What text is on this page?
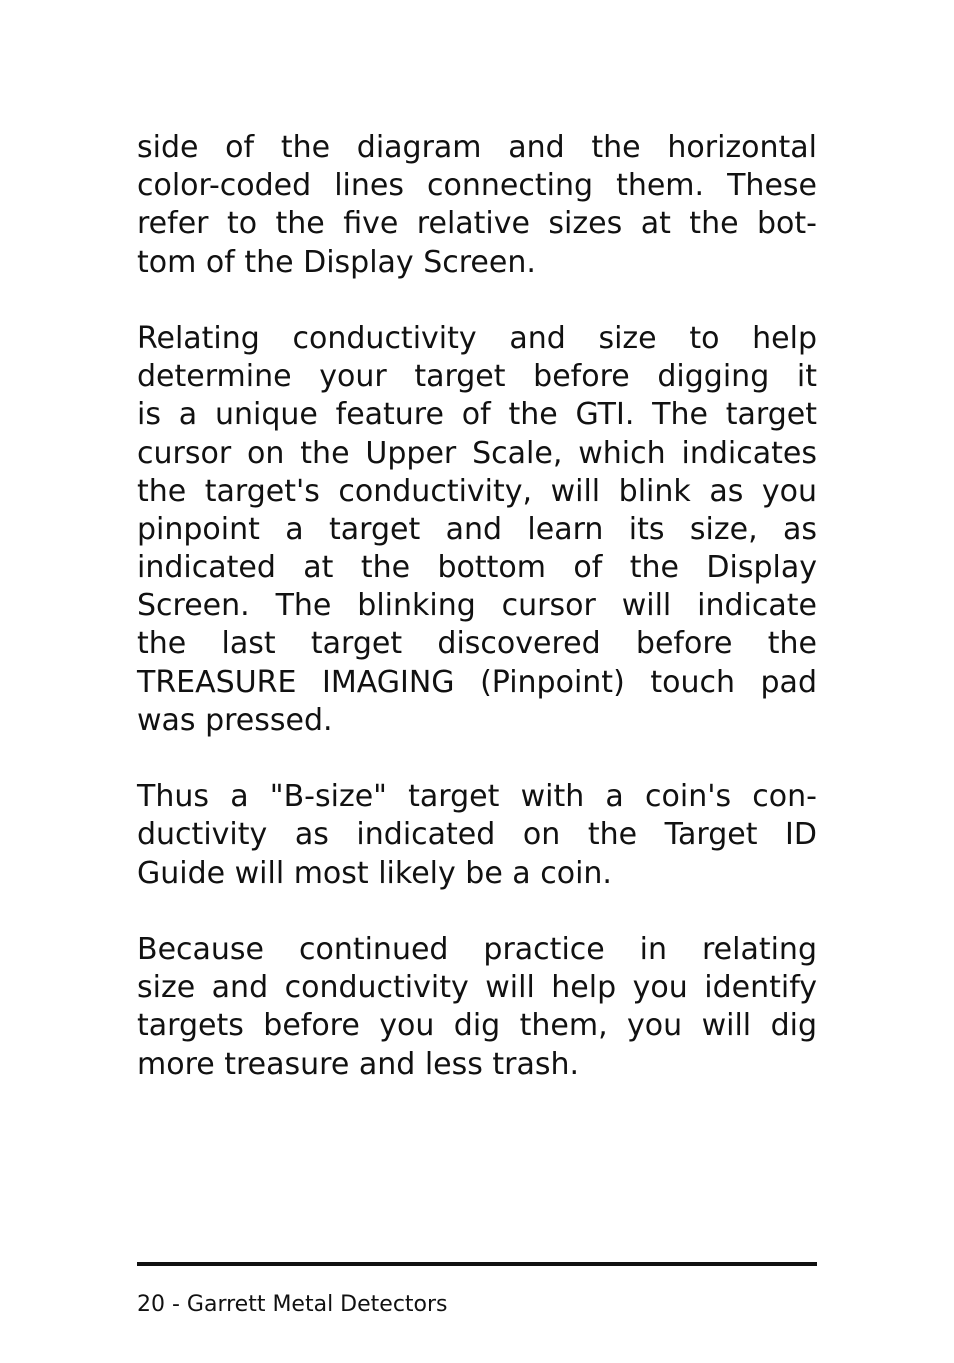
side of the diagram and the horizontal
color-coded lines connecting them. These
refer to the five relative sizes at the bot-
tom of the Display Screen.
Relating conductivity and size to help
determine your target before digging it
is a unique feature of the GTI. The target
cursor on the Upper Scale, which indicates
the target's conductivity, will blink as you
pinpoint a target and learn its size, as
indicated at the bottom of the Display
Screen. The blinking cursor will indicate
the last target discovered before the
TREASURE IMAGING (Pinpoint) touch pad
was pressed.
Thus a "B-size" target with a coin's con-
ductivity as indicated on the Target ID
Guide will most likely be a coin.
Because continued practice in relating
size and conductivity will help you identify
targets before you dig them, you will dig
more treasure and less trash.
20 - Garrett Metal Detectors
